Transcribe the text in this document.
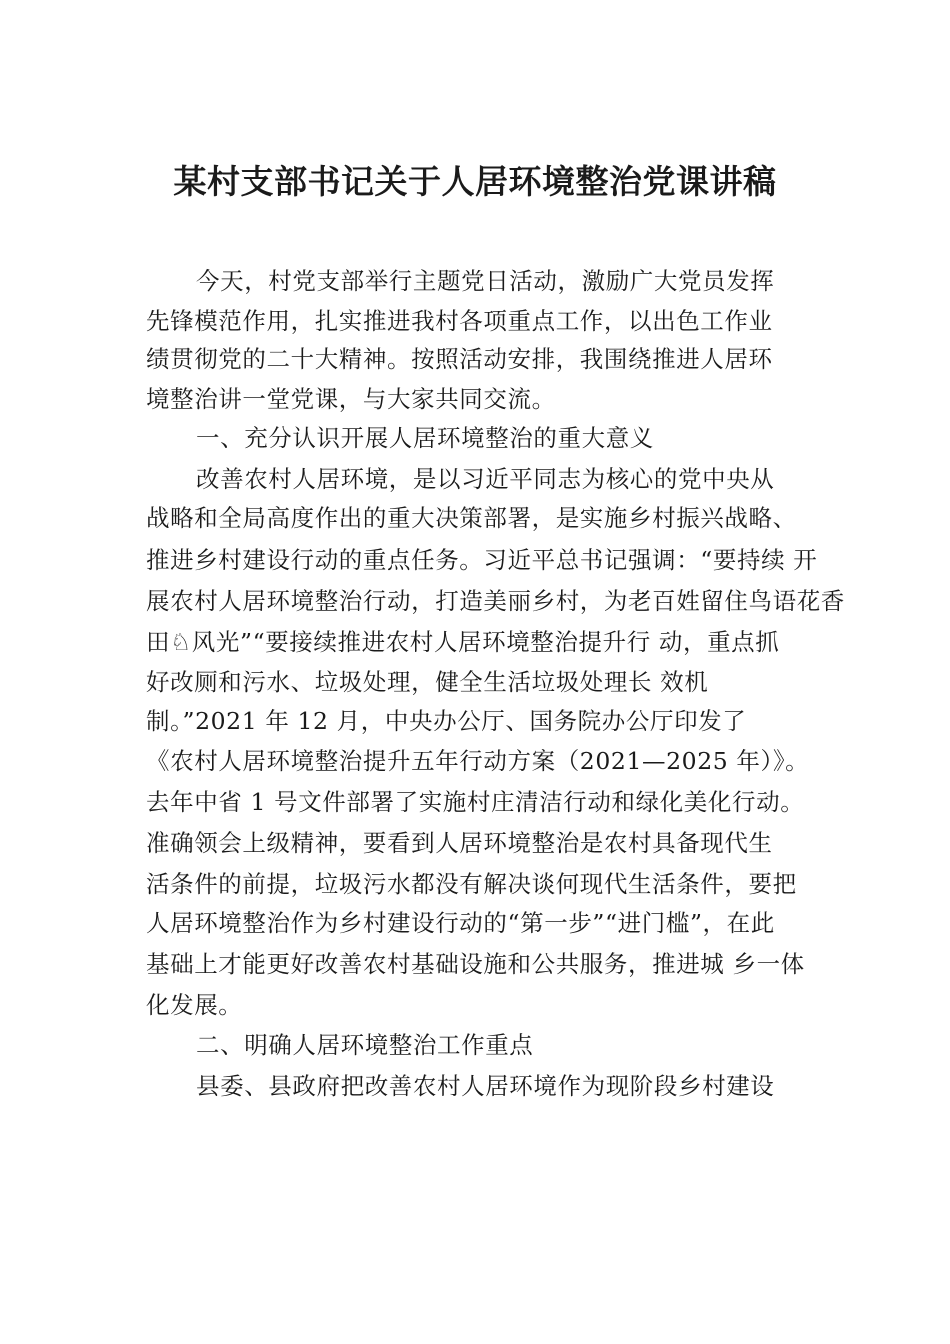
某村支部书记关于人居环境整治党课讲稿
今天，村党支部举行主题党日活动，激励广大党员发挥
先锋模范作用，扎实推进我村各项重点工作，以出色工作业
绩贯彻党的二十大精神。按照活动安排，我围绕推进人居环
境整治讲一堂党课，与大家共同交流。
一、充分认识开展人居环境整治的重大意义
改善农村人居环境，是以习近平同志为核心的党中央从
战略和全局高度作出的重大决策部署，是实施乡村振兴战略、
推进乡村建设行动的重点任务。习近平总书记强调：“要持续 开
展农村人居环境整治行动，打造美丽乡村，为老百姓留住鸟语花香
田♘风光”“要接续推进农村人居环境整治提升行 动，重点抓
好改厕和污水、垃圾处理，健全生活垃圾处理长 效机
制。”2021 年 12 月，中央办公厅、国务院办公厅印发了
《农村人居环境整治提升五年行动方案（2021—2025 年）》。
去年中省 1 号文件部署了实施村庄清洁行动和绿化美化行动。
准确领会上级精神，要看到人居环境整治是农村具备现代生
活条件的前提，垃圾污水都没有解决谈何现代生活条件，要把
人居环境整治作为乡村建设行动的“第一步”“进门槛”，在此
基础上才能更好改善农村基础设施和公共服务，推进城 乡一体
化发展。
二、明确人居环境整治工作重点
县委、县政府把改善农村人居环境作为现阶段乡村建设
